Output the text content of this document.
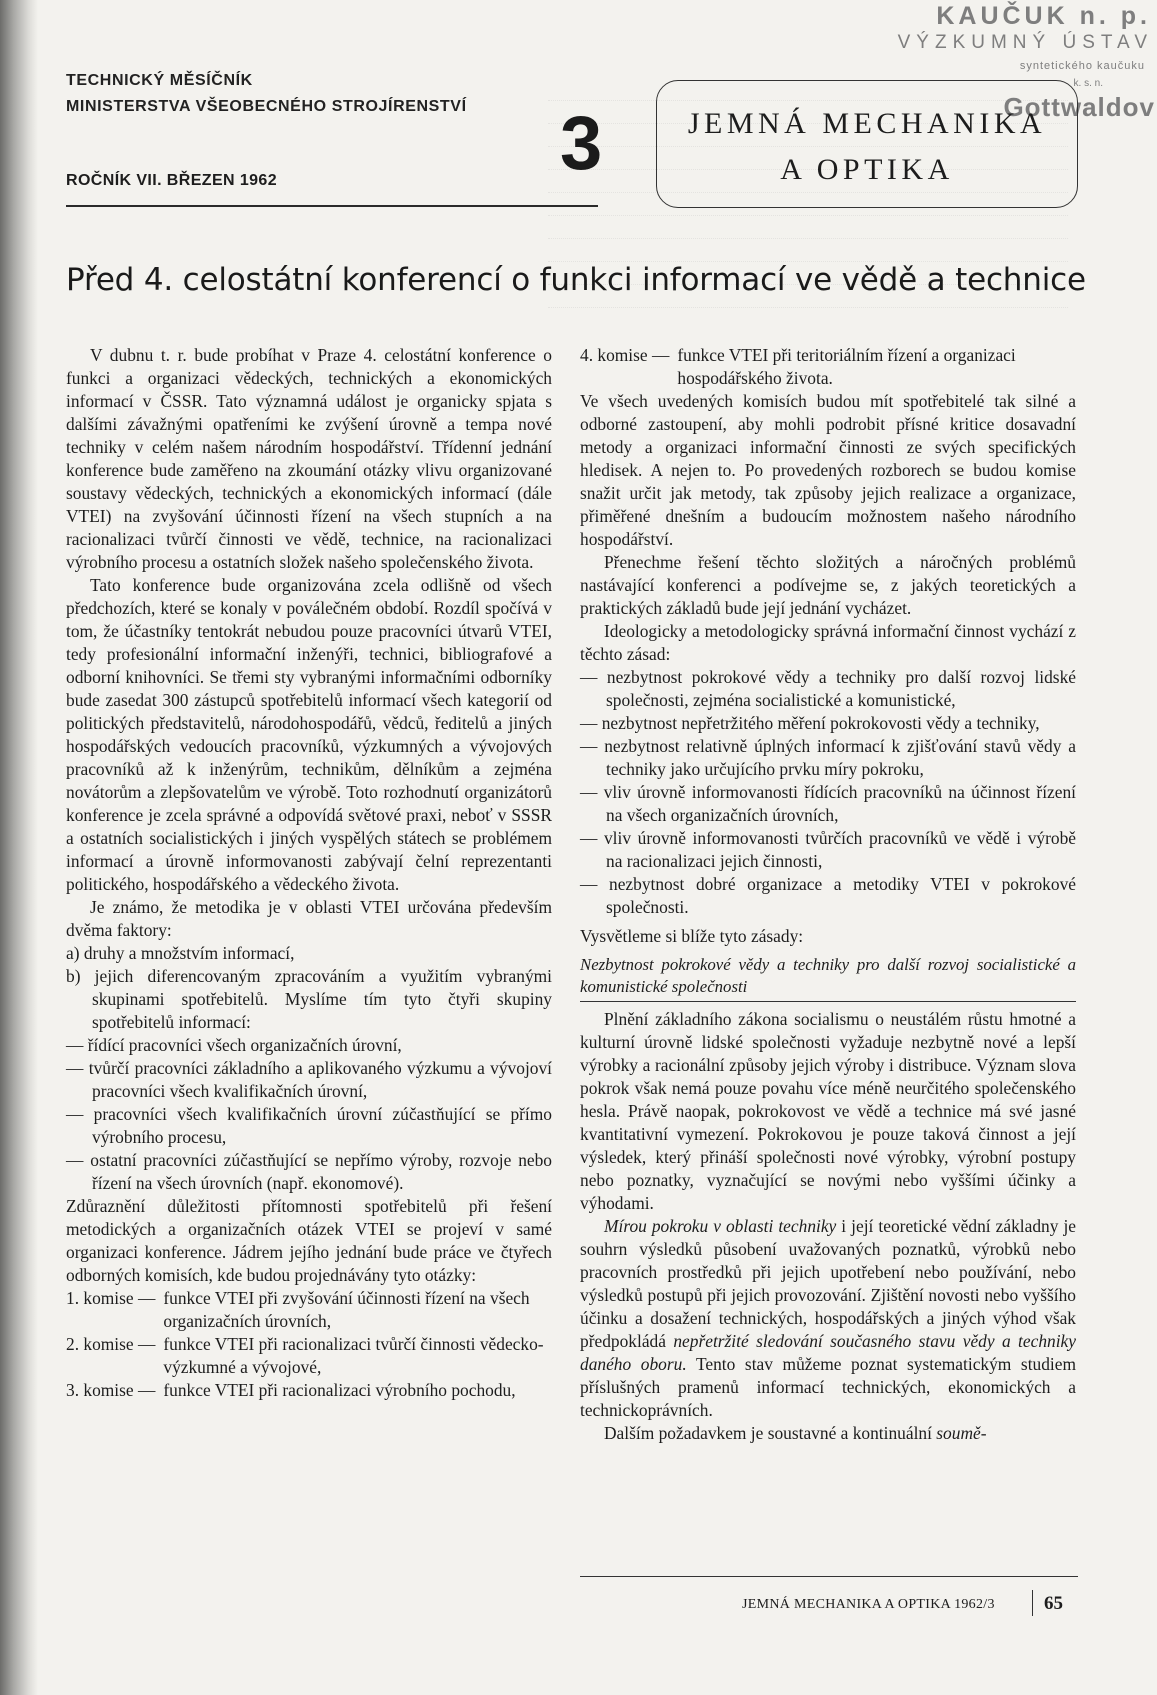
KAUČUK n. p.
VÝZKUMNÝ ÚSTAV
syntetického kaučuku
k. s. n.
Gottwaldov
TECHNICKÝ MĚSÍČNÍK
MINISTERSTVA VŠEOBECNÉHO STROJÍRENSTVÍ
ROČNÍK VII. BŘEZEN 1962	3	JEMNÁ MECHANIKA
A OPTIKA
Před 4. celostátní konferencí o funkci informací ve vědě a technice

V dubnu t. r. bude probíhat v Praze 4. celostátní konference o funkci a organizaci vědeckých, technických a ekonomických informací v ČSSR. Tato významná událost je organicky spjata s dalšími závažnými opatřeními ke zvýšení úrovně a tempa nové techniky v celém našem národním hospodářství. Třídenní jednání konference bude zaměřeno na zkoumání otázky vlivu organizované soustavy vědeckých, technických a ekonomických informací (dále VTEI) na zvyšování účinnosti řízení na všech stupních a na racionalizaci tvůrčí činnosti ve vědě, technice, na racionalizaci výrobního procesu a ostatních složek našeho společenského života.

Tato konference bude organizována zcela odlišně od všech předchozích, které se konaly v poválečném období. Rozdíl spočívá v tom, že účastníky tentokrát nebudou pouze pracovníci útvarů VTEI, tedy profesionální informační inženýři, technici, bibliografové a odborní knihovníci. Se třemi sty vybranými informačními odborníky bude zasedat 300 zástupců spotřebitelů informací všech kategorií od politických představitelů, národohospodářů, vědců, ředitelů a jiných hospodářských vedoucích pracovníků, výzkumných a vývojových pracovníků až k inženýrům, technikům, dělníkům a zejména novátorům a zlepšovatelům ve výrobě. Toto rozhodnutí organizátorů konference je zcela správné a odpovídá světové praxi, neboť v SSSR a ostatních socialistických i jiných vyspělých státech se problémem informací a úrovně informovanosti zabývají čelní reprezentanti politického, hospodářského a vědeckého života.

Je známo, že metodika je v oblasti VTEI určována především dvěma faktory:

a) druhy a množstvím informací,

b) jejich diferencovaným zpracováním a využitím vybranými skupinami spotřebitelů. Myslíme tím tyto čtyři skupiny spotřebitelů informací:

— řídící pracovníci všech organizačních úrovní,

— tvůrčí pracovníci základního a aplikovaného výzkumu a vývojoví pracovníci všech kvalifikačních úrovní,

— pracovníci všech kvalifikačních úrovní zúčastňující se přímo výrobního procesu,

— ostatní pracovníci zúčastňující se nepřímo výroby, rozvoje nebo řízení na všech úrovních (např. ekonomové).

Zdůraznění důležitosti přítomnosti spotřebitelů při řešení metodických a organizačních otázek VTEI se projeví v samé organizaci konference. Jádrem jejího jednání bude práce ve čtyřech odborných komisích, kde budou projednávány tyto otázky:

1. komise — funkce VTEI při zvyšování účinnosti řízení na všech organizačních úrovních,
2. komise — funkce VTEI při racionalizaci tvůrčí činnosti vědecko-výzkumné a vývojové,
3. komise — funkce VTEI při racionalizaci výrobního pochodu,
4. komise — funkce VTEI při teritoriálním řízení a organizaci hospodářského života.

Ve všech uvedených komisích budou mít spotřebitelé tak silné a odborné zastoupení, aby mohli podrobit přísné kritice dosavadní metody a organizaci informační činnosti ze svých specifických hledisek. A nejen to. Po provedených rozborech se budou komise snažit určit jak metody, tak způsoby jejich realizace a organizace, přiměřené dnešním a budoucím možnostem našeho národního hospodářství.

Přenechme řešení těchto složitých a náročných problémů nastávající konferenci a podívejme se, z jakých teoretických a praktických základů bude její jednání vycházet.

Ideologicky a metodologicky správná informační činnost vychází z těchto zásad:

— nezbytnost pokrokové vědy a techniky pro další rozvoj lidské společnosti, zejména socialistické a komunistické,

— nezbytnost nepřetržitého měření pokrokovosti vědy a techniky,

— nezbytnost relativně úplných informací k zjišťování stavů vědy a techniky jako určujícího prvku míry pokroku,

— vliv úrovně informovanosti řídících pracovníků na účinnost řízení na všech organizačních úrovních,

— vliv úrovně informovanosti tvůrčích pracovníků ve vědě i výrobě na racionalizaci jejich činnosti,

— nezbytnost dobré organizace a metodiky VTEI v pokrokové společnosti.

Vysvětleme si blíže tyto zásady:

Nezbytnost pokrokové vědy a techniky pro další rozvoj socialistické a komunistické společnosti

Plnění základního zákona socialismu o neustálém růstu hmotné a kulturní úrovně lidské společnosti vyžaduje nezbytně nové a lepší výrobky a racionální způsoby jejich výroby i distribuce. Význam slova pokrok však nemá pouze povahu více méně neurčitého společenského hesla. Právě naopak, pokrokovost ve vědě a technice má své jasné kvantitativní vymezení. Pokrokovou je pouze taková činnost a její výsledek, který přináší společnosti nové výrobky, výrobní postupy nebo poznatky, vyznačující se novými nebo vyššími účinky a výhodami.

Mírou pokroku v oblasti techniky i její teoretické vědní základny je souhrn výsledků působení uvažovaných poznatků, výrobků nebo pracovních prostředků při jejich upotřebení nebo používání, nebo výsledků postupů při jejich provozování. Zjištění novosti nebo vyššího účinku a dosažení technických, hospodářských a jiných výhod však předpokládá nepřetržité sledování současného stavu vědy a techniky daného oboru. Tento stav můžeme poznat systematickým studiem příslušných pramenů informací technických, ekonomických a technickoprávních.

Dalším požadavkem je soustavné a kontinuální soumě-

JEMNÁ MECHANIKA A OPTIKA 1962/3	65
